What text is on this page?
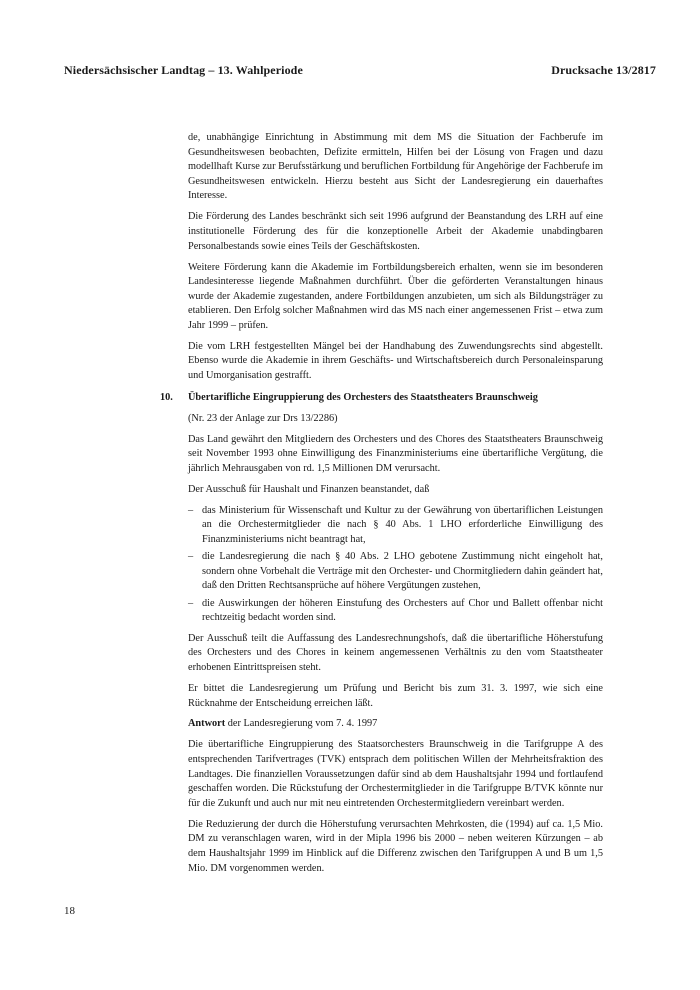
Niedersächsischer Landtag – 13. Wahlperiode	Drucksache 13/2817

de, unabhängige Einrichtung in Abstimmung mit dem MS die Situation der Fachberufe im Gesundheitswesen beobachten, Defizite ermitteln, Hilfen bei der Lösung von Fragen und dazu modellhaft Kurse zur Berufsstärkung und beruflichen Fortbildung für Angehörige der Fachberufe im Gesundheitswesen entwickeln. Hierzu besteht aus Sicht der Landesregierung ein dauerhaftes Interesse.

Die Förderung des Landes beschränkt sich seit 1996 aufgrund der Beanstandung des LRH auf eine institutionelle Förderung des für die konzeptionelle Arbeit der Akademie unabdingbaren Personalbestands sowie eines Teils der Geschäftskosten.

Weitere Förderung kann die Akademie im Fortbildungsbereich erhalten, wenn sie im besonderen Landesinteresse liegende Maßnahmen durchführt. Über die geförderten Veranstaltungen hinaus wurde der Akademie zugestanden, andere Fortbildungen anzubieten, um sich als Bildungsträger zu etablieren. Den Erfolg solcher Maßnahmen wird das MS nach einer angemessenen Frist – etwa zum Jahr 1999 – prüfen.

Die vom LRH festgestellten Mängel bei der Handhabung des Zuwendungsrechts sind abgestellt. Ebenso wurde die Akademie in ihrem Geschäfts- und Wirtschaftsbereich durch Personaleinsparung und Umorganisation gestrafft.

10. Übertarifliche Eingruppierung des Orchesters des Staatstheaters Braunschweig

(Nr. 23 der Anlage zur Drs 13/2286)

Das Land gewährt den Mitgliedern des Orchesters und des Chores des Staatstheaters Braunschweig seit November 1993 ohne Einwilligung des Finanzministeriums eine übertarifliche Vergütung, die jährlich Mehrausgaben von rd. 1,5 Millionen DM verursacht.

Der Ausschuß für Haushalt und Finanzen beanstandet, daß

– das Ministerium für Wissenschaft und Kultur zu der Gewährung von übertariflichen Leistungen an die Orchestermitglieder die nach § 40 Abs. 1 LHO erforderliche Einwilligung des Finanzministeriums nicht beantragt hat,
– die Landesregierung die nach § 40 Abs. 2 LHO gebotene Zustimmung nicht eingeholt hat, sondern ohne Vorbehalt die Verträge mit den Orchester- und Chormitgliedern dahin geändert hat, daß den Dritten Rechtsansprüche auf höhere Vergütungen zustehen,
– die Auswirkungen der höheren Einstufung des Orchesters auf Chor und Ballett offenbar nicht rechtzeitig bedacht worden sind.

Der Ausschuß teilt die Auffassung des Landesrechnungshofs, daß die übertarifliche Höherstufung des Orchesters und des Chores in keinem angemessenen Verhältnis zu den vom Staatstheater erhobenen Eintrittspreisen steht.

Er bittet die Landesregierung um Prüfung und Bericht bis zum 31. 3. 1997, wie sich eine Rücknahme der Entscheidung erreichen läßt.

Antwort der Landesregierung vom 7. 4. 1997

Die übertarifliche Eingruppierung des Staatsorchesters Braunschweig in die Tarifgruppe A des entsprechenden Tarifvertrages (TVK) entsprach dem politischen Willen der Mehrheitsfraktion des Landtages. Die finanziellen Voraussetzungen dafür sind ab dem Haushaltsjahr 1994 und fortlaufend geschaffen worden. Die Rückstufung der Orchestermitglieder in die Tarifgruppe B/TVK könnte nur für die Zukunft und auch nur mit neu eintretenden Orchestermitgliedern vereinbart werden.

Die Reduzierung der durch die Höherstufung verursachten Mehrkosten, die (1994) auf ca. 1,5 Mio. DM zu veranschlagen waren, wird in der Mipla 1996 bis 2000 – neben weiteren Kürzungen – ab dem Haushaltsjahr 1999 im Hinblick auf die Differenz zwischen den Tarifgruppen A und B um 1,5 Mio. DM vorgenommen werden.

18
